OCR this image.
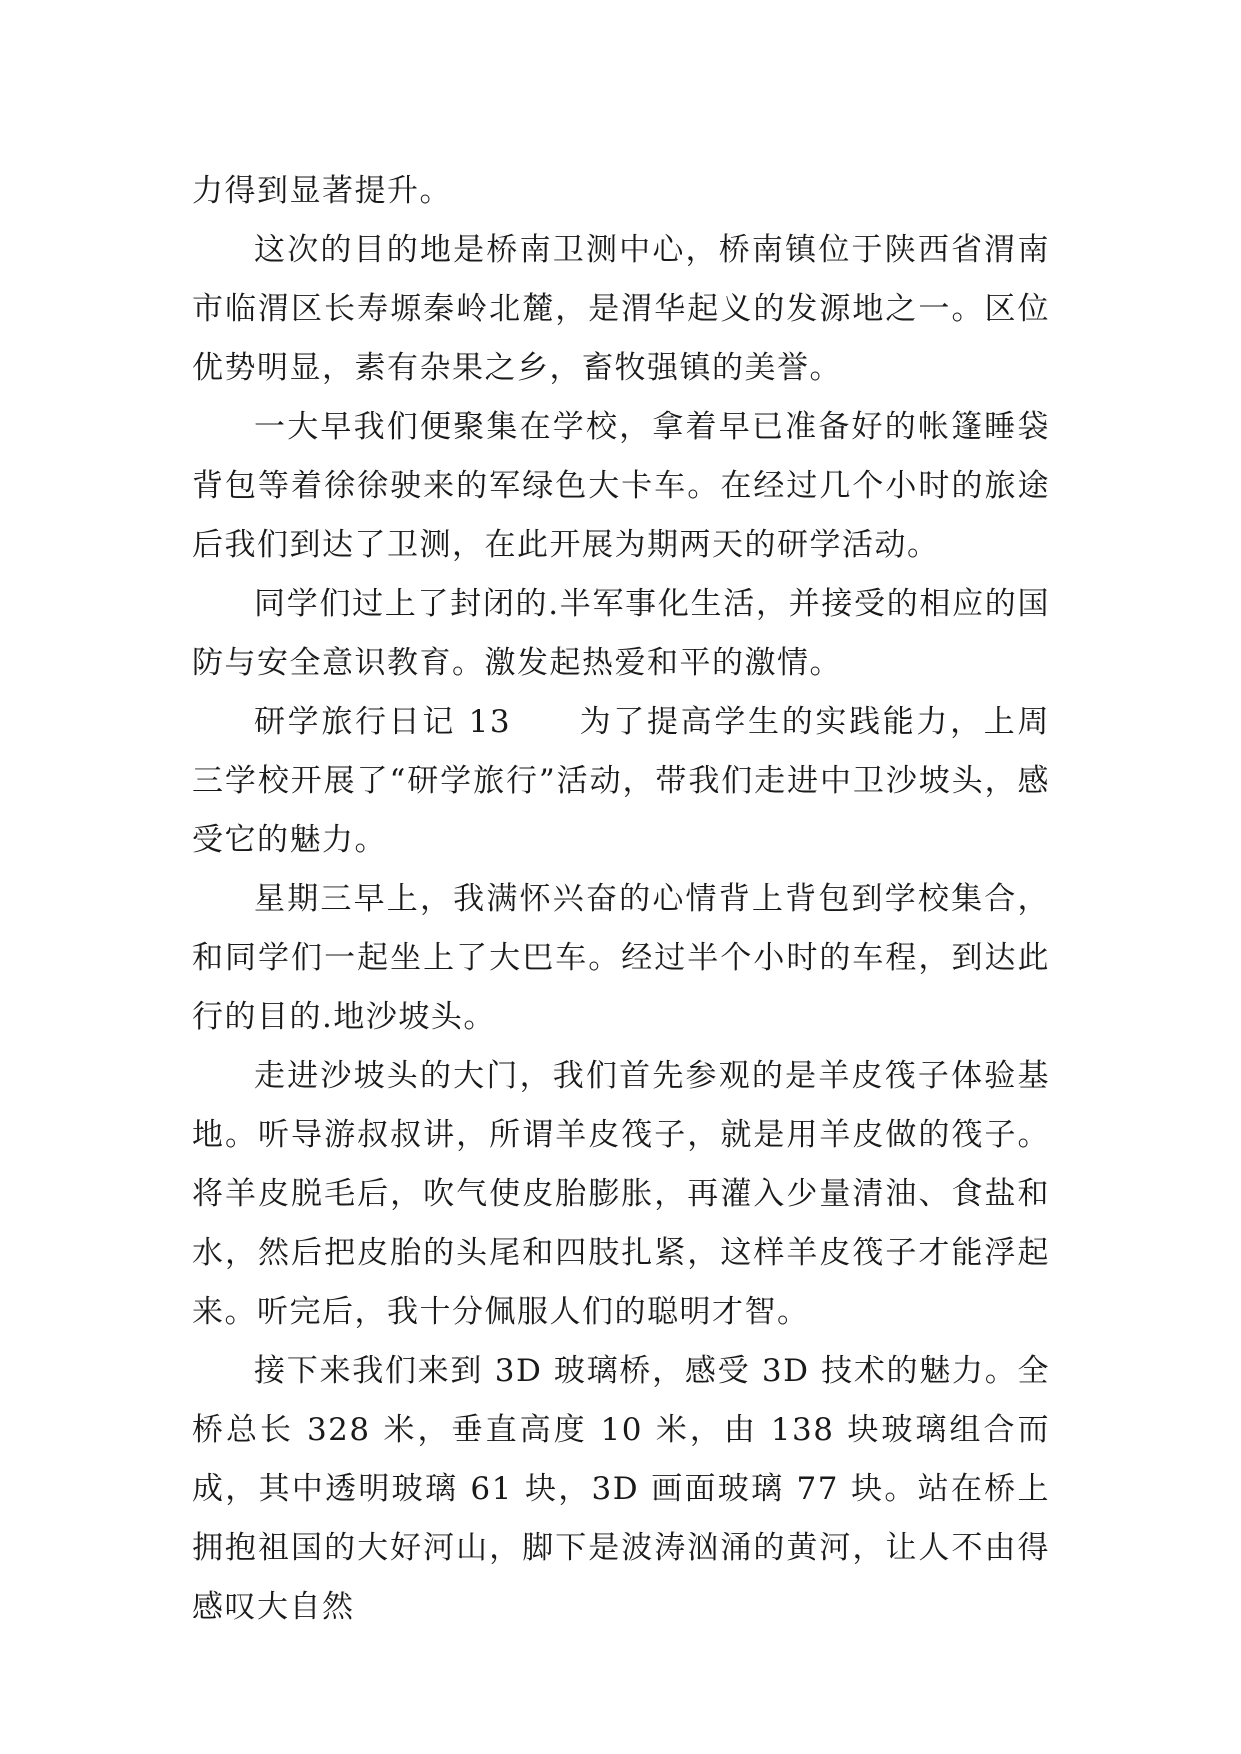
力得到显著提升。

这次的目的地是桥南卫测中心，桥南镇位于陕西省渭南市临渭区长寿塬秦岭北麓，是渭华起义的发源地之一。区位优势明显，素有杂果之乡，畜牧强镇的美誉。

一大早我们便聚集在学校，拿着早已准备好的帐篷睡袋背包等着徐徐驶来的军绿色大卡车。在经过几个小时的旅途后我们到达了卫测，在此开展为期两天的研学活动。

同学们过上了封闭的.半军事化生活，并接受的相应的国防与安全意识教育。激发起热爱和平的激情。

研学旅行日记 13　　为了提高学生的实践能力，上周三学校开展了“研学旅行”活动，带我们走进中卫沙坡头，感受它的魅力。

星期三早上，我满怀兴奋的心情背上背包到学校集合，和同学们一起坐上了大巴车。经过半个小时的车程，到达此行的目的.地沙坡头。

走进沙坡头的大门，我们首先参观的是羊皮筏子体验基地。听导游叔叔讲，所谓羊皮筏子，就是用羊皮做的筏子。将羊皮脱毛后，吹气使皮胎膨胀，再灌入少量清油、食盐和水，然后把皮胎的头尾和四肢扎紧，这样羊皮筏子才能浮起来。听完后，我十分佩服人们的聪明才智。

接下来我们来到 3D 玻璃桥，感受 3D 技术的魅力。全桥总长 328 米，垂直高度 10 米，由 138 块玻璃组合而成，其中透明玻璃 61 块，3D 画面玻璃 77 块。站在桥上拥抱祖国的大好河山，脚下是波涛汹涌的黄河，让人不由得感叹大自然
